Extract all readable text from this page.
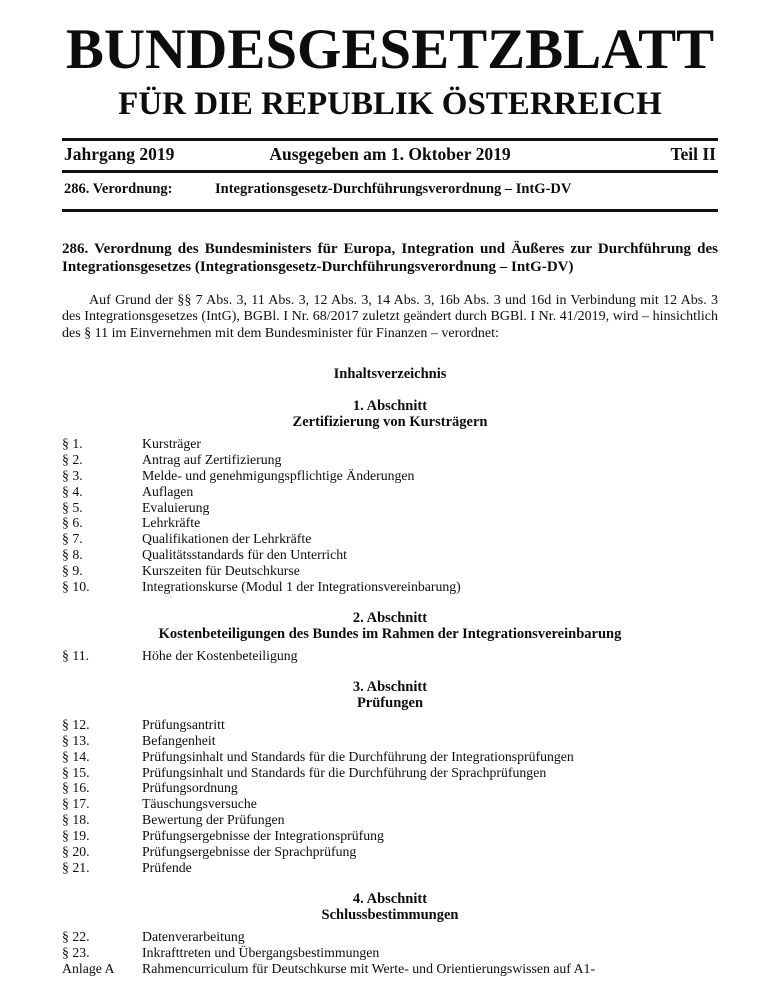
BUNDESGESETZBLATT
FÜR DIE REPUBLIK ÖSTERREICH
Jahrgang 2019	Ausgegeben am 1. Oktober 2019	Teil II
286. Verordnung:	Integrationsgesetz-Durchführungsverordnung – IntG-DV
286. Verordnung des Bundesministers für Europa, Integration und Äußeres zur Durchführung des Integrationsgesetzes (Integrationsgesetz-Durchführungsverordnung – IntG-DV)
Auf Grund der §§ 7 Abs. 3, 11 Abs. 3, 12 Abs. 3, 14 Abs. 3, 16b Abs. 3 und 16d in Verbindung mit 12 Abs. 3 des Integrationsgesetzes (IntG), BGBl. I Nr. 68/2017 zuletzt geändert durch BGBl. I Nr. 41/2019, wird – hinsichtlich des § 11 im Einvernehmen mit dem Bundesminister für Finanzen – verordnet:
Inhaltsverzeichnis
1. Abschnitt
Zertifizierung von Kursträgern
§ 1.	Kursträger
§ 2.	Antrag auf Zertifizierung
§ 3.	Melde- und genehmigungspflichtige Änderungen
§ 4.	Auflagen
§ 5.	Evaluierung
§ 6.	Lehrkräfte
§ 7.	Qualifikationen der Lehrkräfte
§ 8.	Qualitätsstandards für den Unterricht
§ 9.	Kurszeiten für Deutschkurse
§ 10.	Integrationskurse (Modul 1 der Integrationsvereinbarung)
2. Abschnitt
Kostenbeteiligungen des Bundes im Rahmen der Integrationsvereinbarung
§ 11.	Höhe der Kostenbeteiligung
3. Abschnitt
Prüfungen
§ 12.	Prüfungsantritt
§ 13.	Befangenheit
§ 14.	Prüfungsinhalt und Standards für die Durchführung der Integrationsprüfungen
§ 15.	Prüfungsinhalt und Standards für die Durchführung der Sprachprüfungen
§ 16.	Prüfungsordnung
§ 17.	Täuschungsversuche
§ 18.	Bewertung der Prüfungen
§ 19.	Prüfungsergebnisse der Integrationsprüfung
§ 20.	Prüfungsergebnisse der Sprachprüfung
§ 21.	Prüfende
4. Abschnitt
Schlussbestimmungen
§ 22.	Datenverarbeitung
§ 23.	Inkrafttreten und Übergangsbestimmungen
Anlage A	Rahmencurriculum für Deutschkurse mit Werte- und Orientierungswissen auf A1-
